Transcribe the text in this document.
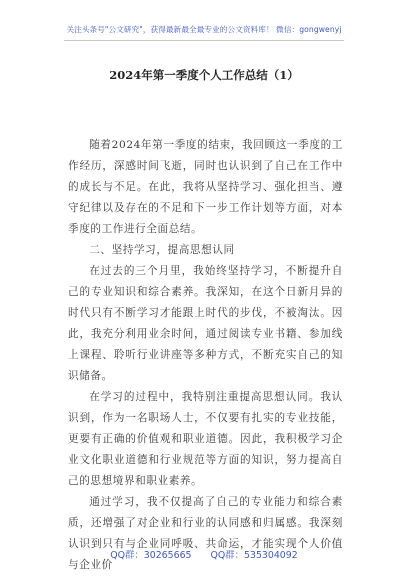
关注头条号"公文研究"，获得最新最全最专业的公文资料库！ 微信：gongwenyj
2024年第一季度个人工作总结（1）

随着2024年第一季度的结束，我回顾这一季度的工作经历，深感时间飞逝，同时也认识到了自己在工作中的成长与不足。在此，我将从坚持学习、强化担当、遵守纪律以及存在的不足和下一步工作计划等方面，对本季度的工作进行全面总结。

二、坚持学习，提高思想认同

在过去的三个月里，我始终坚持学习，不断提升自己的专业知识和综合素养。我深知，在这个日新月异的时代只有不断学习才能跟上时代的步伐，不被淘汰。因此，我充分利用业余时间，通过阅读专业书籍、参加线上课程、聆听行业讲座等多种方式，不断充实自己的知识储备。

在学习的过程中，我特别注重提高思想认同。我认识到，作为一名职场人士，不仅要有扎实的专业技能，更要有正确的价值观和职业道德。因此，我积极学习企业文化职业道德和行业规范等方面的知识，努力提高自己的思想境界和职业素养。

通过学习，我不仅提高了自己的专业能力和综合素质，还增强了对企业和行业的认同感和归属感。我深刻认识到只有与企业同呼吸、共命运，才能实现个人价值与企业价

QQ群：30265665 QQ群：535304092
